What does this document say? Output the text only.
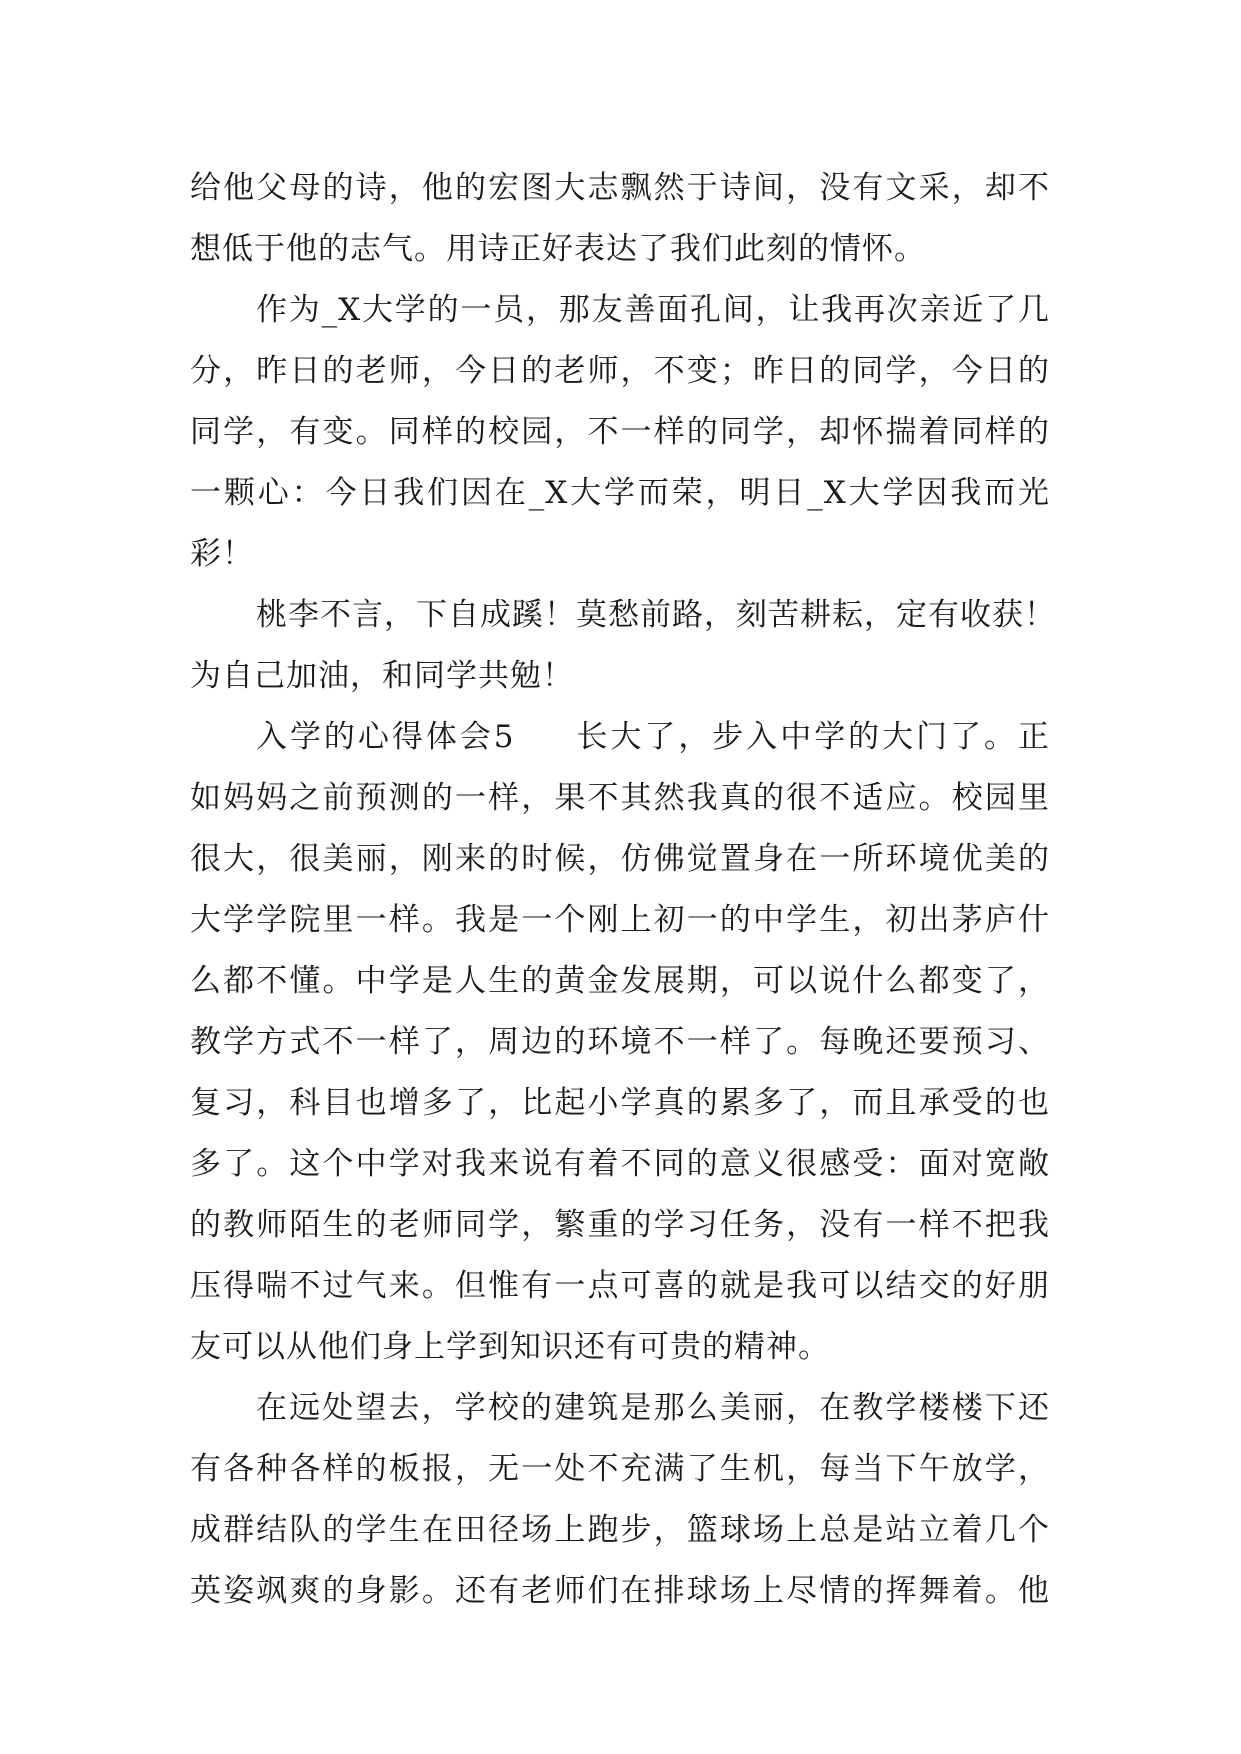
给他父母的诗，他的宏图大志飘然于诗间，没有文采，却不
想低于他的志气。用诗正好表达了我们此刻的情怀。
作为_X大学的一员，那友善面孔间，让我再次亲近了几
分，昨日的老师，今日的老师，不变；昨日的同学，今日的
同学，有变。同样的校园，不一样的同学，却怀揣着同样的
一颗心：今日我们因在_X大学而荣，明日_X大学因我而光
彩！
桃李不言，下自成蹊！莫愁前路，刻苦耕耘，定有收获！
为自己加油，和同学共勉！
入学的心得体会5 长大了，步入中学的大门了。正
如妈妈之前预测的一样，果不其然我真的很不适应。校园里
很大，很美丽，刚来的时候，仿佛觉置身在一所环境优美的
大学学院里一样。我是一个刚上初一的中学生，初出茅庐什
么都不懂。中学是人生的黄金发展期，可以说什么都变了，
教学方式不一样了，周边的环境不一样了。每晚还要预习、
复习，科目也增多了，比起小学真的累多了，而且承受的也
多了。这个中学对我来说有着不同的意义很感受：面对宽敞
的教师陌生的老师同学，繁重的学习任务，没有一样不把我
压得喘不过气来。但惟有一点可喜的就是我可以结交的好朋
友可以从他们身上学到知识还有可贵的精神。
在远处望去，学校的建筑是那么美丽，在教学楼楼下还
有各种各样的板报，无一处不充满了生机，每当下午放学，
成群结队的学生在田径场上跑步，篮球场上总是站立着几个
英姿飒爽的身影。还有老师们在排球场上尽情的挥舞着。他
